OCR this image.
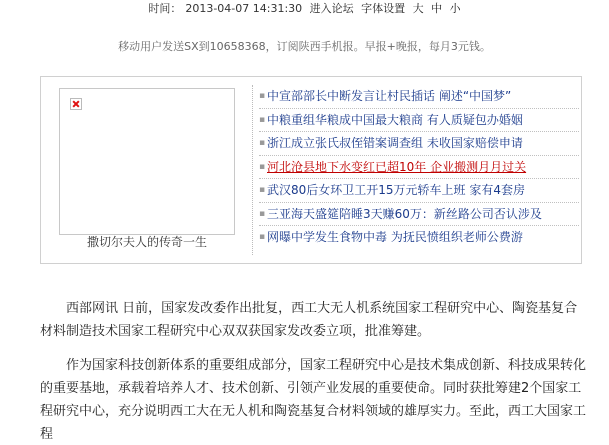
时间： 2013-04-07 14:31:30 进入论坛 字体设置 大 中 小
移动用户发送SX到10658368，订阅陕西手机报。早报+晚报，每月3元钱。
撒切尔夫人的传奇一生
▪ 中宣部部长中断发言让村民插话 阐述“中国梦”
▪ 中粮重组华粮成中国最大粮商 有人质疑包办婚姻
▪ 浙江成立张氏叔侄错案调查组 未收国家赔偿申请
▪ 河北沧县地下水变红已超10年 企业搬测月月过关
▪ 武汉80后女环卫工开15万元轿车上班 家有4套房
▪ 三亚海天盛筵陪睡3天赚60万：新丝路公司否认涉及
▪ 网曝中学发生食物中毒 为抚民愤组织老师公费游

西部网讯 日前，国家发改委作出批复，西工大无人机系统国家工程研究中心、陶瓷基复合材料制造技术国家工程研究中心双双获国家发改委立项，批准筹建。

作为国家科技创新体系的重要组成部分，国家工程研究中心是技术集成创新、科技成果转化的重要基地，承载着培养人才、技术创新、引领产业发展的重要使命。同时获批筹建2个国家工程研究中心，充分说明西工大在无人机和陶瓷基复合材料领域的雄厚实力。至此，西工大国家工程
